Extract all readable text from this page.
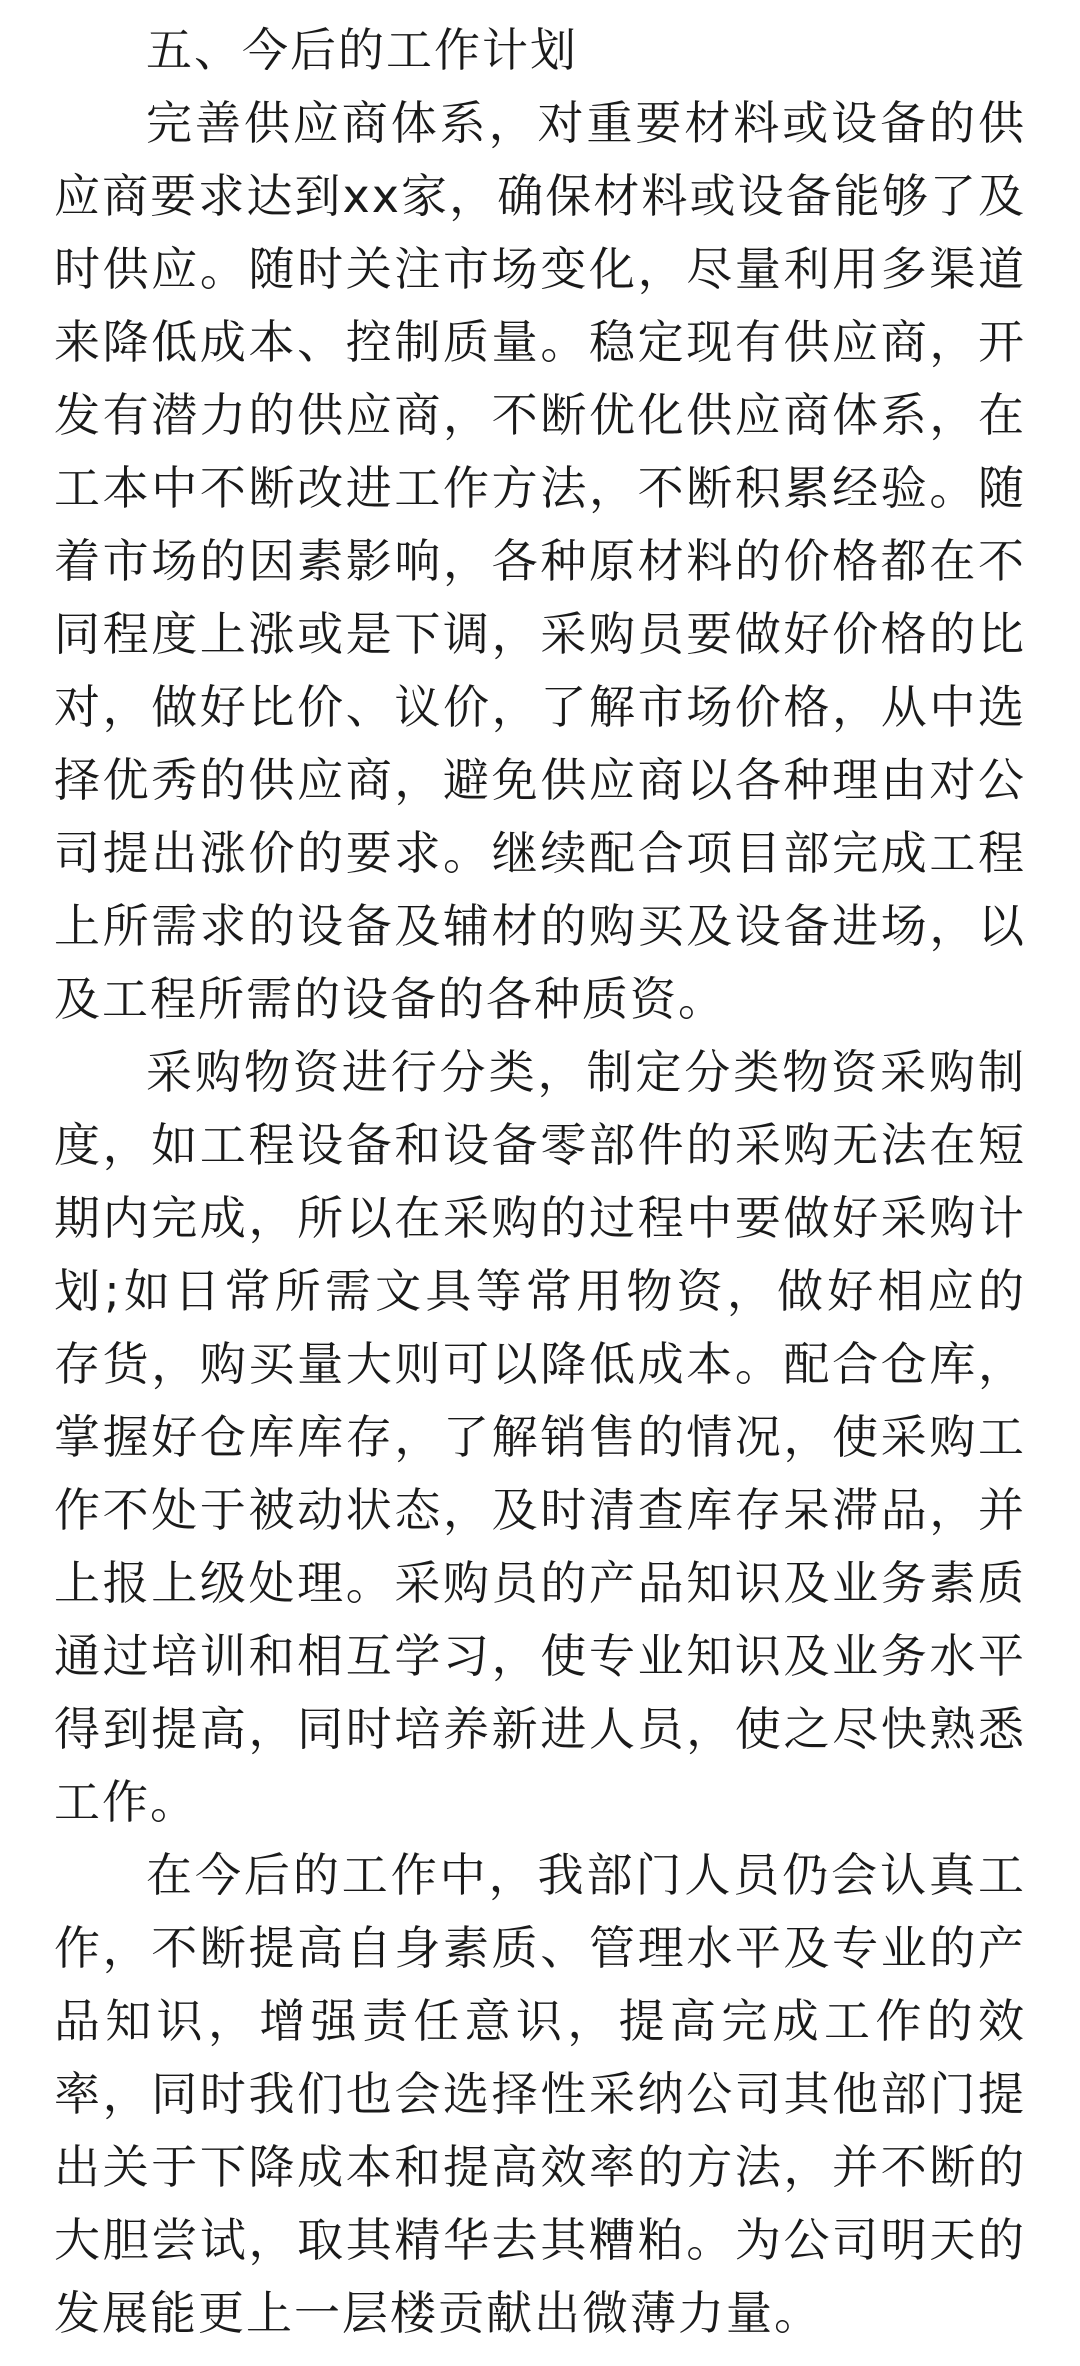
五、今后的工作计划

完善供应商体系，对重要材料或设备的供应商要求达到xx家，确保材料或设备能够了及时供应。随时关注市场变化，尽量利用多渠道来降低成本、控制质量。稳定现有供应商，开发有潜力的供应商，不断优化供应商体系，在工本中不断改进工作方法，不断积累经验。随着市场的因素影响，各种原材料的价格都在不同程度上涨或是下调，采购员要做好价格的比对，做好比价、议价，了解市场价格，从中选择优秀的供应商，避免供应商以各种理由对公司提出涨价的要求。继续配合项目部完成工程上所需求的设备及辅材的购买及设备进场，以及工程所需的设备的各种质资。

采购物资进行分类，制定分类物资采购制度，如工程设备和设备零部件的采购无法在短期内完成，所以在采购的过程中要做好采购计划;如日常所需文具等常用物资，做好相应的存货，购买量大则可以降低成本。配合仓库，掌握好仓库库存，了解销售的情况，使采购工作不处于被动状态，及时清查库存呆滞品，并上报上级处理。采购员的产品知识及业务素质通过培训和相互学习，使专业知识及业务水平得到提高，同时培养新进人员，使之尽快熟悉工作。

在今后的工作中，我部门人员仍会认真工作，不断提高自身素质、管理水平及专业的产品知识，增强责任意识，提高完成工作的效率，同时我们也会选择性采纳公司其他部门提出关于下降成本和提高效率的方法，并不断的大胆尝试，取其精华去其糟粕。为公司明天的发展能更上一层楼贡献出微薄力量。
